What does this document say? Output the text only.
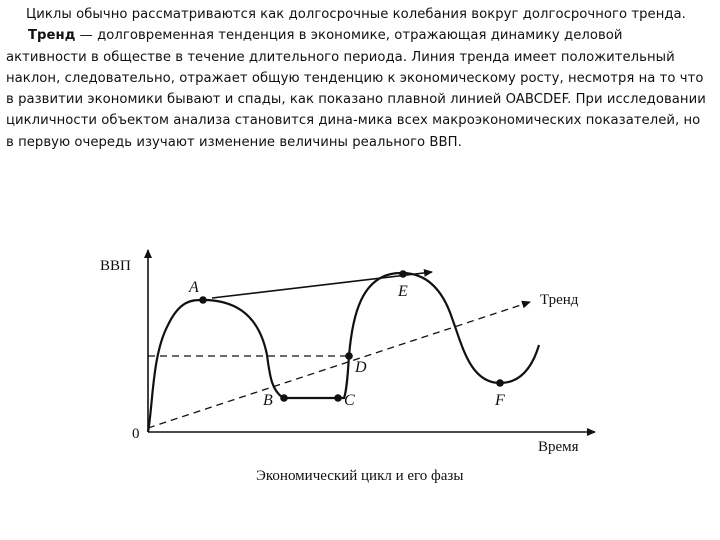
Циклы обычно рассматриваются как долгосрочные колебания вокруг долгосрочного тренда.

Тренд — долговременная тенденция в экономике, отражающая динамику деловой активности в обществе в течение длительного периода. Линия тренда имеет положительный наклон, следовательно, отражает общую тенденцию к экономическому росту, несмотря на то что в развитии экономики бывают и спады, как показано плавной линией OABCDEF. При исследовании цикличности объектом анализа становится дина-мика всех макроэкономических показателей, но в первую очередь изучают изменение величины реального ВВП.

A
B	C
D
E
F
ВВП
Время
0
Тренд
Экономический цикл и его фазы
